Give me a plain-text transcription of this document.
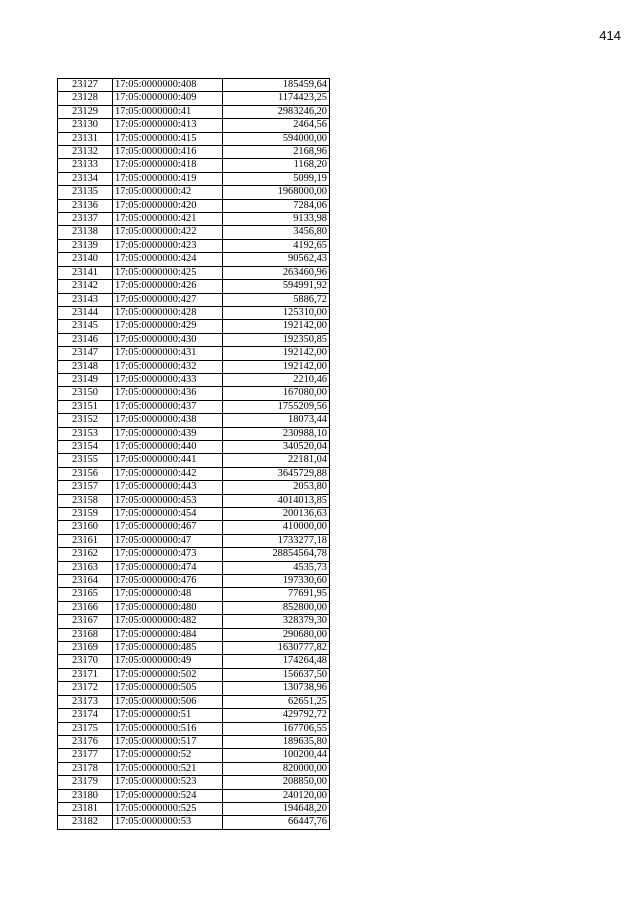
414
23127	17:05:0000000:408	185459,64
23128	17:05:0000000:409	1174423,25
23129	17:05:0000000:41	2983246,20
23130	17:05:0000000:413	2464,56
23131	17:05:0000000:415	594000,00
23132	17:05:0000000:416	2168,96
23133	17:05:0000000:418	1168,20
23134	17:05:0000000:419	5099,19
23135	17:05:0000000:42	1968000,00
23136	17:05:0000000:420	7284,06
23137	17:05:0000000:421	9133,98
23138	17:05:0000000:422	3456,80
23139	17:05:0000000:423	4192,65
23140	17:05:0000000:424	90562,43
23141	17:05:0000000:425	263460,96
23142	17:05:0000000:426	594991,92
23143	17:05:0000000:427	5886,72
23144	17:05:0000000:428	125310,00
23145	17:05:0000000:429	192142,00
23146	17:05:0000000:430	192350,85
23147	17:05:0000000:431	192142,00
23148	17:05:0000000:432	192142,00
23149	17:05:0000000:433	2210,46
23150	17:05:0000000:436	167080,00
23151	17:05:0000000:437	1755209,56
23152	17:05:0000000:438	18073,44
23153	17:05:0000000:439	230988,10
23154	17:05:0000000:440	340520,04
23155	17:05:0000000:441	22181,04
23156	17:05:0000000:442	3645729,88
23157	17:05:0000000:443	2053,80
23158	17:05:0000000:453	4014013,85
23159	17:05:0000000:454	200136,63
23160	17:05:0000000:467	410000,00
23161	17:05:0000000:47	1733277,18
23162	17:05:0000000:473	28854564,78
23163	17:05:0000000:474	4535,73
23164	17:05:0000000:476	197330,60
23165	17:05:0000000:48	77691,95
23166	17:05:0000000:480	852800,00
23167	17:05:0000000:482	328379,30
23168	17:05:0000000:484	290680,00
23169	17:05:0000000:485	1630777,82
23170	17:05:0000000:49	174264,48
23171	17:05:0000000:502	156637,50
23172	17:05:0000000:505	130738,96
23173	17:05:0000000:506	62651,25
23174	17:05:0000000:51	429792,72
23175	17:05:0000000:516	167706,55
23176	17:05:0000000:517	189635,80
23177	17:05:0000000:52	100200,44
23178	17:05:0000000:521	820000,00
23179	17:05:0000000:523	208850,00
23180	17:05:0000000:524	240120,00
23181	17:05:0000000:525	194648,20
23182	17:05:0000000:53	66447,76
